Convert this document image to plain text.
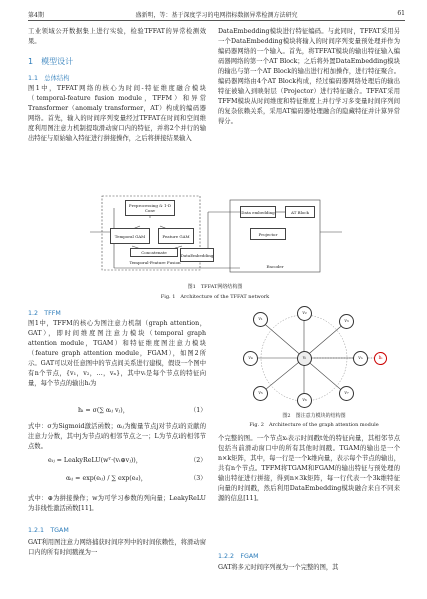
第4期	盛新明，等：基于深度学习的电网指标数据异常检测方法研究	61

工业领域公开数据集上进行实验，检验TFFAT的异常检测效果。

1　模型设计
1.1　总体结构

图1中，TFFAT网络的核心为时间-特征维度融合模块（temporal-feature fusion module，TFFM）和异常Transformer（anomaly transformer，AT）构成的编码器网络。首先，输入的时间序列变量经过TFFAT在时间和空间维度利用图注意力机制提取滑动窗口内的特征，并将2个并行的输出特征与原始输入特征进行拼接操作，之后将拼接结果输入

DataEmbedding模块进行特征编码。与此同时，TFFAT采用另一个DataEmbedding模块将输入的时间序列变量预处理并作为编码器网络的一个输入。首先，将TFFAT模块的输出特征输入编码器网络的第一个AT Block；之后将外置DataEmbedding模块的输出与第一个AT Block的输出进行相加操作，进行特征聚合。编码器网络由4个AT Block构成，经过编码器网络处理后的输出特征被输入到映射层（Projector）进行特征融合。TFFAT采用TFFM模块从时间维度和特征维度上并行学习多变量时间序列间的复杂依赖关系，采用AT编码器处理融合的隐藏特征并计算异常得分。

Preprocessing & 1-D Conv
Temporal GAM	Feature GAM
Concatenate	DataEmbedding
Temporal-Feature Fusion
Data embedding	AT Block
Projector
Encoder
图1　TFFAT网络结构图
Fig. 1　Architecture of the TFFAT network
1.2　TFFM

图1中，TFFM的核心为图注意力机制（graph attention，GAT），即时间维度图注意力模块（temporal graph attention module，TGAM）和特征维度图注意力模块（feature graph attention module，FGAM），如图2所示。GAT可以对任意图中的节点间关系进行建模，假设一个图中有n个节点，{v₁，v₂，…，vₙ}，其中vᵢ是每个节点的特征向量，每个节点的输出hᵢ为

hᵢ = σ(∑ αᵢⱼ vⱼ)，	（1）

式中：σ为Sigmoid激活函数；αᵢⱼ为衡量节点j对节点i的贡献的注意力分数，其中j为节点i的相邻节点之一；L为节点i的相邻节点数。

eᵢⱼ = LeakyReLU(wᵀ·(vᵢ⊕vⱼ))，	（2）
αᵢⱼ = exp(eᵢⱼ) / ∑ exp(eᵢₗ)，	（3）

式中：⊕为拼接操作；w为可学习参数的列向量；LeakyReLU为非线性激活函数[11]。

1.2.1　TGAM

GAT利用图注意力网络捕获时间序列中的时间依赖性，将滑动窗口内的所有时间戳视为一

v₁
v₂
v₃
v₄
v₅
v₆
v₇
vₙ
vᵢ	hᵢ
图2　图注意力模块的结构图
Fig. 2　Architecture of the graph attention module

个完整的图。一个节点xₜ表示时间戳t处的特征向量，其相邻节点包括当前滑动窗口中的所有其他时间戳。TGAM的输出是一个n×k矩阵，其中，每一行是一个k维向量，表示每个节点的输出，共有n个节点。TFFM将TGAM和FGAM的输出特征与预处理的输出特征进行拼接，得到n×3k矩阵，每一行代表一个3k维特征向量的时间戳，然后利用DataEmbedding模块融合来自不同来源的信息[11]。

1.2.2　FGAM

GAT将多元时间序列视为一个完整的图，其
